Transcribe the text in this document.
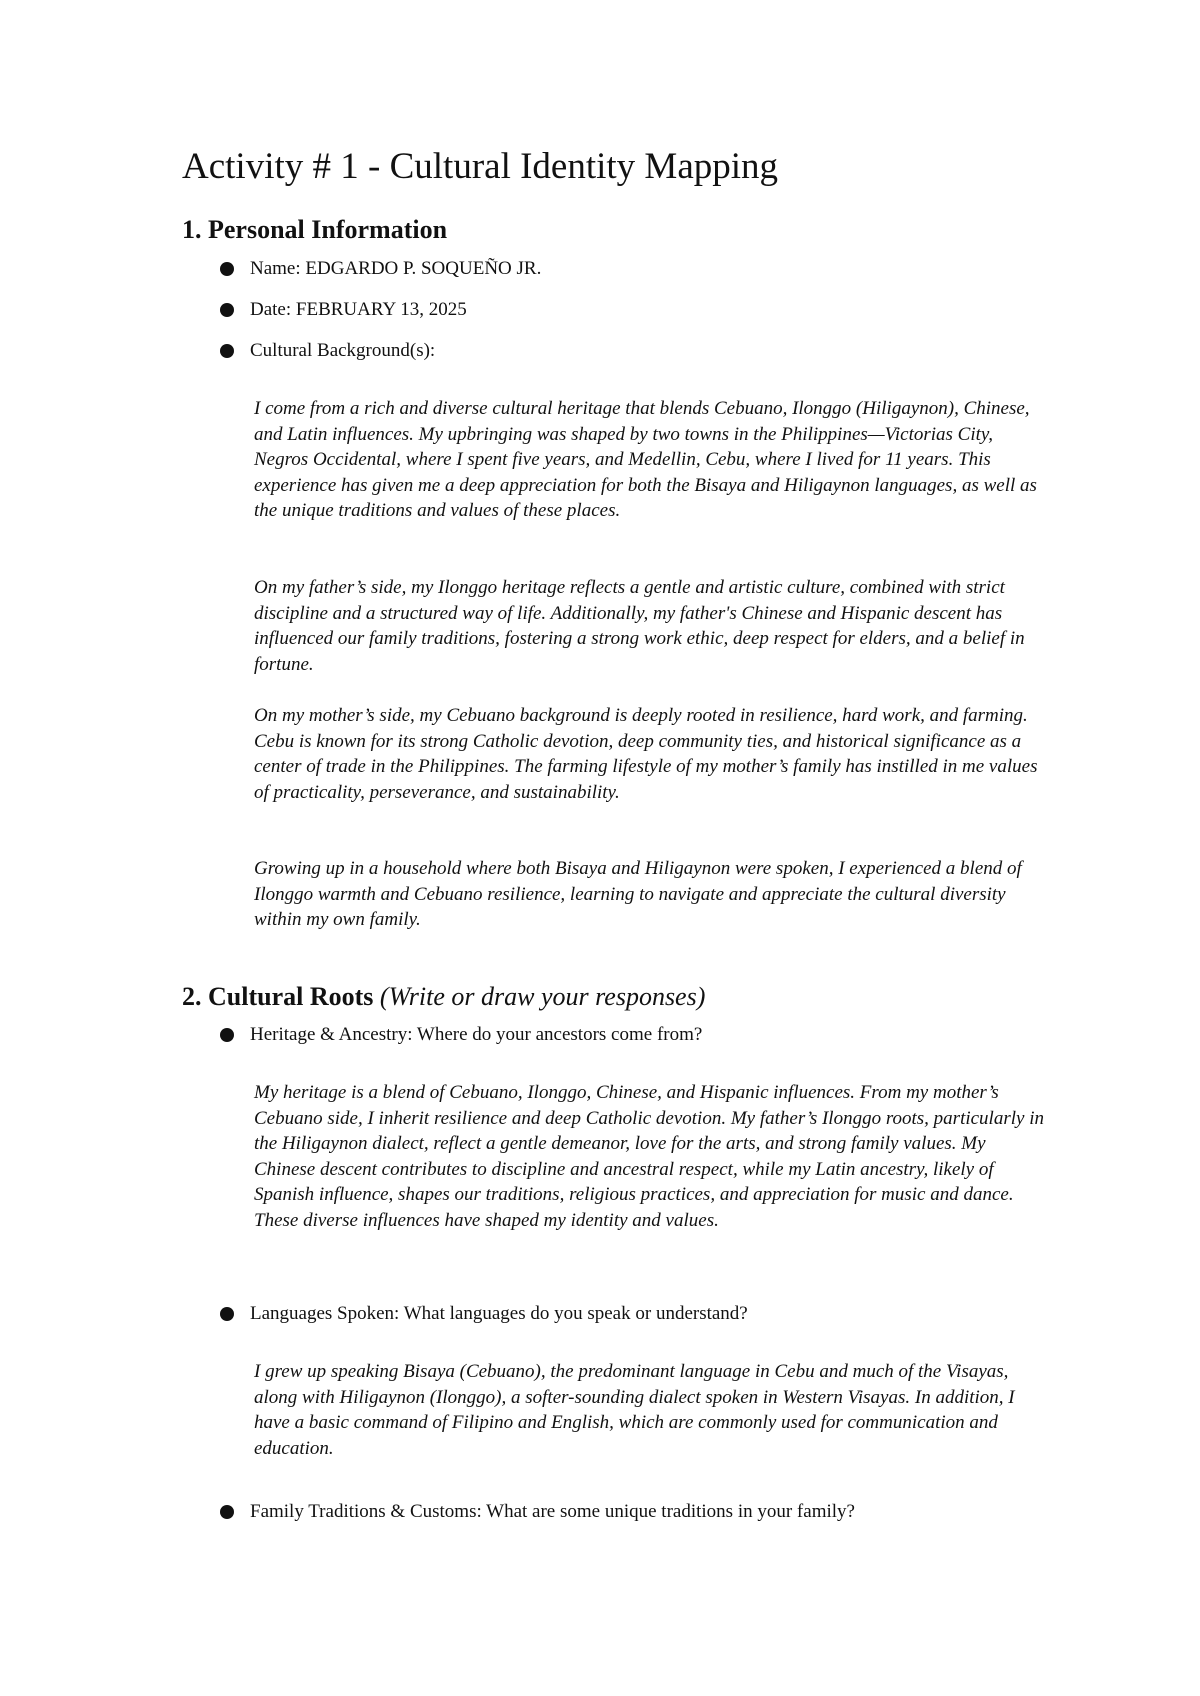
Activity # 1 - Cultural Identity Mapping
1. Personal Information
Name: EDGARDO P. SOQUEÑO JR.
Date: FEBRUARY 13, 2025
Cultural Background(s):

I come from a rich and diverse cultural heritage that blends Cebuano, Ilonggo (Hiligaynon), Chinese, and Latin influences. My upbringing was shaped by two towns in the Philippines—Victorias City, Negros Occidental, where I spent five years, and Medellin, Cebu, where I lived for 11 years. This experience has given me a deep appreciation for both the Bisaya and Hiligaynon languages, as well as the unique traditions and values of these places.

On my father’s side, my Ilonggo heritage reflects a gentle and artistic culture, combined with strict discipline and a structured way of life. Additionally, my father's Chinese and Hispanic descent has influenced our family traditions, fostering a strong work ethic, deep respect for elders, and a belief in fortune.

On my mother’s side, my Cebuano background is deeply rooted in resilience, hard work, and farming. Cebu is known for its strong Catholic devotion, deep community ties, and historical significance as a center of trade in the Philippines. The farming lifestyle of my mother’s family has instilled in me values of practicality, perseverance, and sustainability.

Growing up in a household where both Bisaya and Hiligaynon were spoken, I experienced a blend of Ilonggo warmth and Cebuano resilience, learning to navigate and appreciate the cultural diversity within my own family.

2. Cultural Roots (Write or draw your responses)
Heritage & Ancestry: Where do your ancestors come from?

My heritage is a blend of Cebuano, Ilonggo, Chinese, and Hispanic influences. From my mother’s Cebuano side, I inherit resilience and deep Catholic devotion. My father’s Ilonggo roots, particularly in the Hiligaynon dialect, reflect a gentle demeanor, love for the arts, and strong family values. My Chinese descent contributes to discipline and ancestral respect, while my Latin ancestry, likely of Spanish influence, shapes our traditions, religious practices, and appreciation for music and dance. These diverse influences have shaped my identity and values.

Languages Spoken: What languages do you speak or understand?

I grew up speaking Bisaya (Cebuano), the predominant language in Cebu and much of the Visayas, along with Hiligaynon (Ilonggo), a softer-sounding dialect spoken in Western Visayas. In addition, I have a basic command of Filipino and English, which are commonly used for communication and education.

Family Traditions & Customs: What are some unique traditions in your family?
